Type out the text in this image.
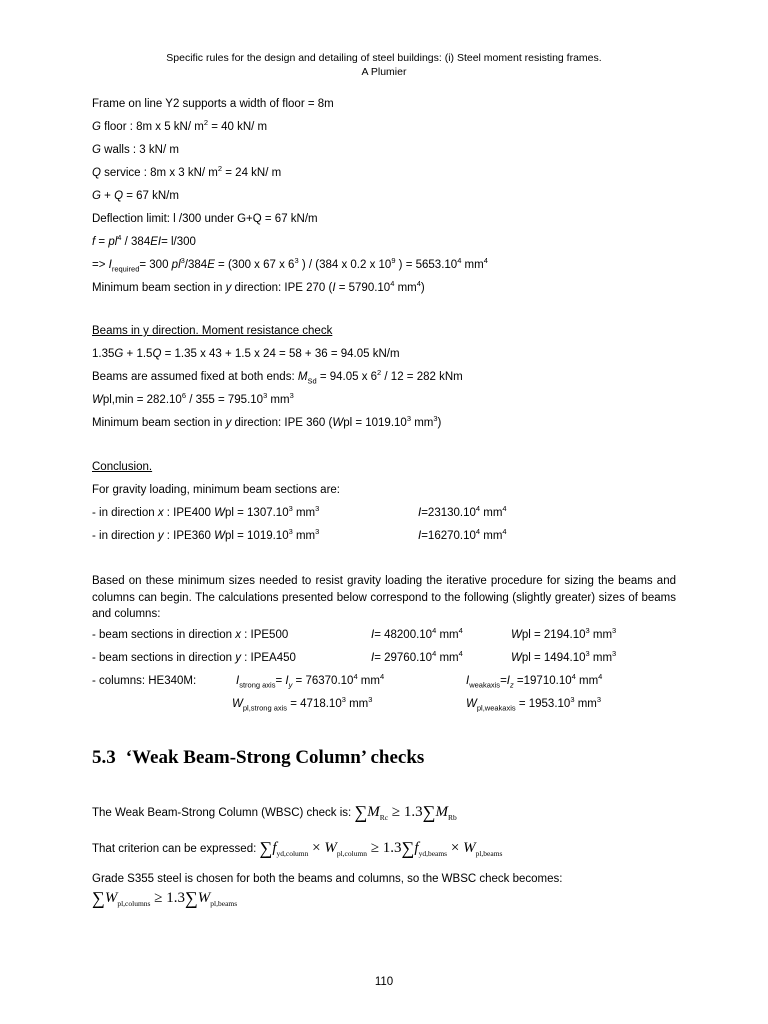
Specific rules for the design and detailing of steel buildings: (i) Steel moment resisting frames.
A Plumier
Frame on line Y2 supports a width of floor = 8m
G floor : 8m x 5 kN/ $m^2 = 40$ kN/ m
G walls : 3 kN/ m
Q service : 8m x 3 kN/ $m^2 = 24$ kN/ m
G + Q = 67 kN/m
Deflection limit: l /300 under G+Q = 67 kN/m
$f = pl^4 / 384EI= l/300$
=> $I_{required}= 300$ $pl^3/384E = (300$ x 67 x $6^3$ ) / (384 x 0.2 x $10^9$ ) = $5653.10^4$ $mm^4$
Minimum beam section in y direction: IPE 270 ($I = 5790.10^4$ $mm^4$)
Beams in y direction. Moment resistance check
1.35G + 1.5Q = 1.35 x 43 + 1.5 x 24 = 58 + 36 = 94.05 kN/m
Beams are assumed fixed at both ends: $M_{Sd} = 94.05$ x $6^2 / 12 = 282$ kNm
$Wpl,\min = 282.10^6 / 355 = 795.10^3$ $mm^3$
Minimum beam section in y direction: IPE 360 ($Wpl = 1019.10^3$ $mm^3$)
Conclusion.
For gravity loading, minimum beam sections are:
- in direction x : IPE400 Wpl = $1307.10^3$ $mm^3$	$I=23130.10^4$ $mm^4$
- in direction y : IPE360 Wpl = $1019.10^3$ $mm^3$	$I=16270.10^4$ $mm^4$
Based on these minimum sizes needed to resist gravity loading the iterative procedure for sizing the beams and columns can begin. The calculations presented below correspond to the following (slightly greater) sizes of beams and columns:
- beam sections in direction x : IPE500	$I= 48200.10^4$ $mm^4$	Wpl = $2194.10^3$ $mm^3$
- beam sections in direction y : IPEA450	$I= 29760.10^4$ $mm^4$	Wpl = $1494.10^3$ $mm^3$
- columns: HE340M:	$I_{strong axis}= I_y = 76370.10^4$ $mm^4$	$I_{weakaxis}=I_z =19710.10^4$ $mm^4$
$W_{pl,strong axis} = 4718.10^3$ $mm^3$	$W_{pl,weakaxis} = 1953.10^3$ $mm^3$
5.3 ‘Weak Beam-Strong Column’ checks
The Weak Beam-Strong Column (WBSC) check is: $\sum M_{Rc} \ge 1.3\sum M_{Rb}$
That criterion can be expressed: $\sum f_{yd,column} \times W_{pl,column} \ge 1.3\sum f_{yd,beams} \times W_{pl,beams}$
Grade S355 steel is chosen for both the beams and columns, so the WBSC check becomes:
$\sum W_{pl,columns} \ge 1.3\sum W_{pl,beams}$
110
